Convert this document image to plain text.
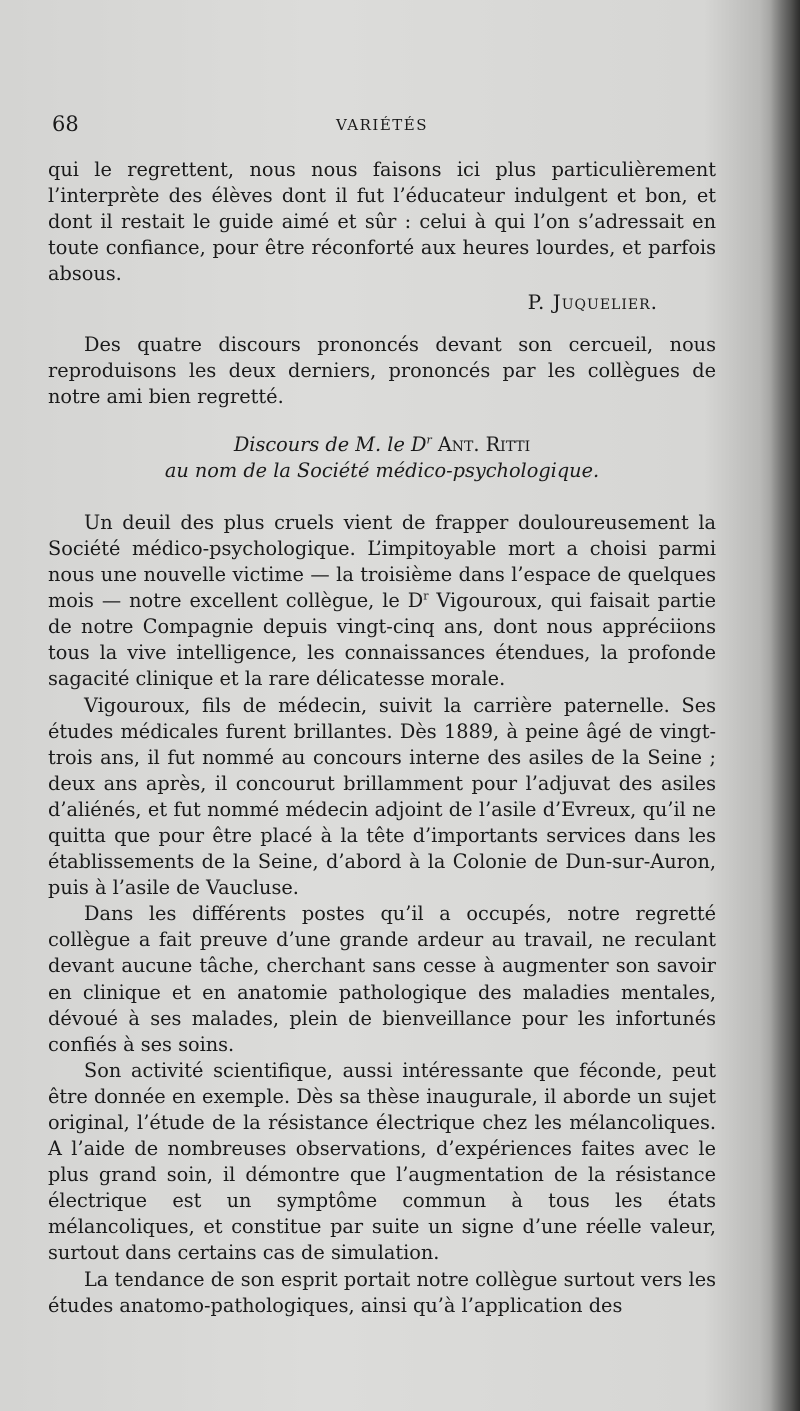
68	VARIÉTÉS

qui le regrettent, nous nous faisons ici plus particulièrement l’interprète des élèves dont il fut l’éducateur indulgent et bon, et dont il restait le guide aimé et sûr : celui à qui l’on s’adressait en toute confiance, pour être réconforté aux heures lourdes, et parfois absous.

P. Juquelier.

Des quatre discours prononcés devant son cercueil, nous reproduisons les deux derniers, prononcés par les collègues de notre ami bien regretté.

Discours de M. le $D^r$ Ant. Ritti

au nom de la Société médico-psychologique.

Un deuil des plus cruels vient de frapper douloureusement la Société médico-psychologique. L’impitoyable mort a choisi parmi nous une nouvelle victime — la troisième dans l’espace de quelques mois — notre excellent collègue, le $D^r$ Vigouroux, qui faisait partie de notre Compagnie depuis vingt-cinq ans, dont nous appréciions tous la vive intelligence, les connaissances étendues, la profonde sagacité clinique et la rare délicatesse morale.

Vigouroux, fils de médecin, suivit la carrière paternelle. Ses études médicales furent brillantes. Dès 1889, à peine âgé de vingt-trois ans, il fut nommé au concours interne des asiles de la Seine ; deux ans après, il concourut brillamment pour l’adjuvat des asiles d’aliénés, et fut nommé médecin adjoint de l’asile d’Evreux, qu’il ne quitta que pour être placé à la tête d’importants services dans les établissements de la Seine, d’abord à la Colonie de Dun-sur-Auron, puis à l’asile de Vaucluse.

Dans les différents postes qu’il a occupés, notre regretté collègue a fait preuve d’une grande ardeur au travail, ne reculant devant aucune tâche, cherchant sans cesse à augmenter son savoir en clinique et en anatomie pathologique des maladies mentales, dévoué à ses malades, plein de bienveillance pour les infortunés confiés à ses soins.

Son activité scientifique, aussi intéressante que féconde, peut être donnée en exemple. Dès sa thèse inaugurale, il aborde un sujet original, l’étude de la résistance électrique chez les mélancoliques. A l’aide de nombreuses observations, d’expériences faites avec le plus grand soin, il démontre que l’augmentation de la résistance électrique est un symptôme commun à tous les états mélancoliques, et constitue par suite un signe d’une réelle valeur, surtout dans certains cas de simulation.

La tendance de son esprit portait notre collègue surtout vers les études anatomo-pathologiques, ainsi qu’à l’application des
